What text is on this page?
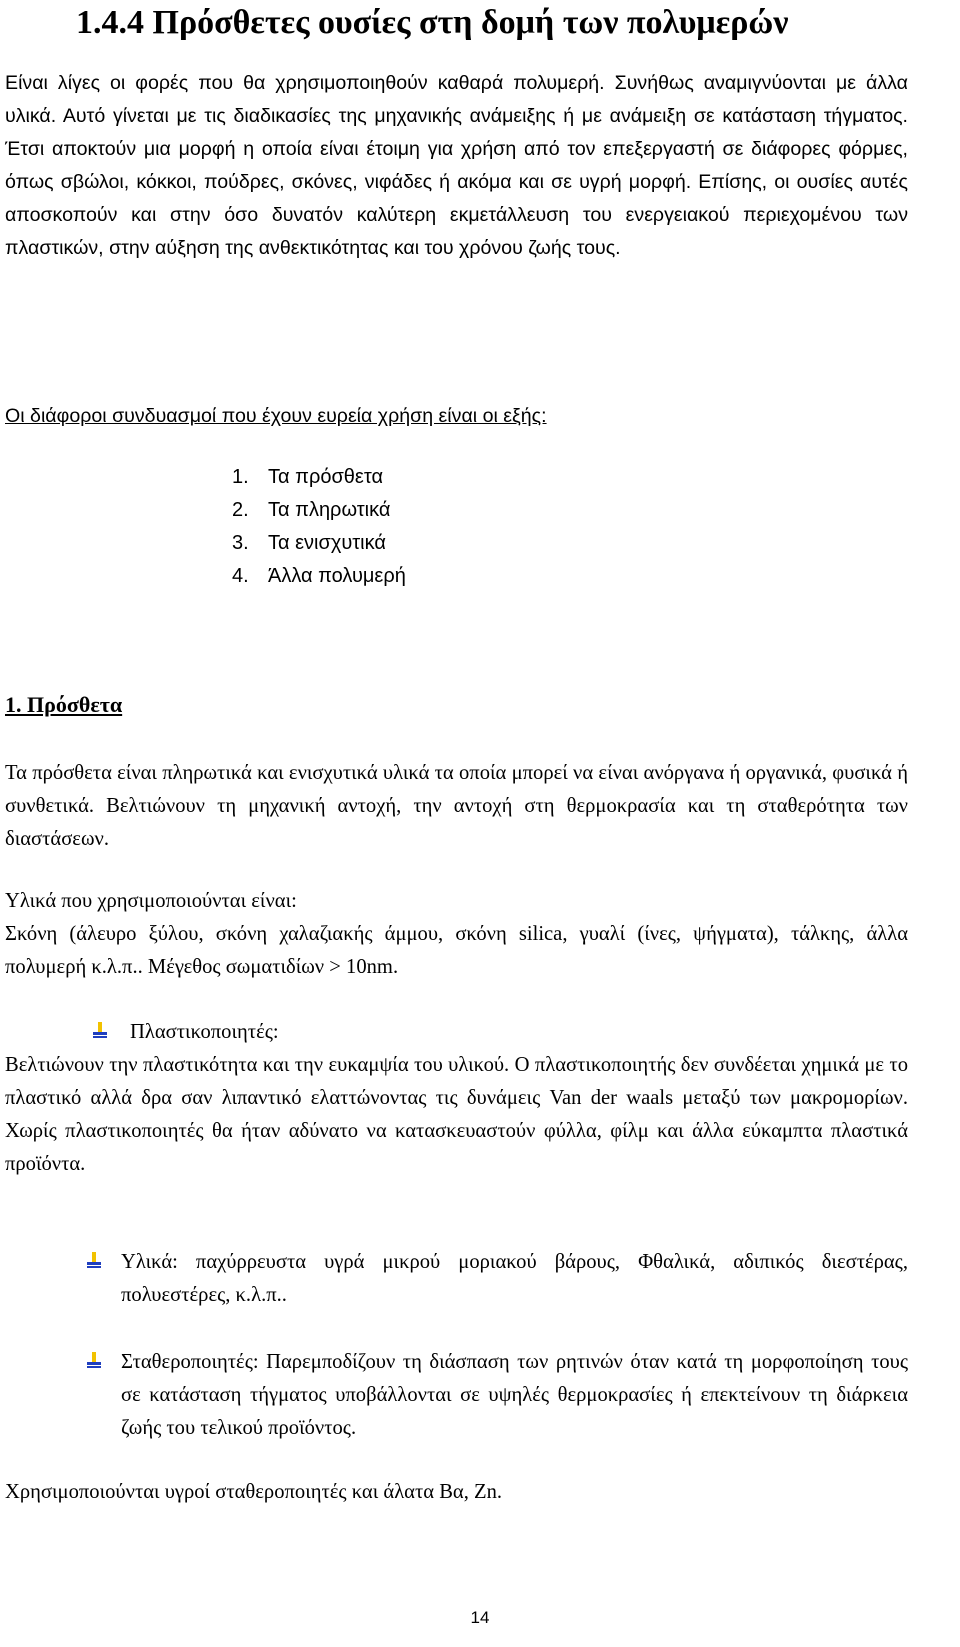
1.4.4 Πρόσθετες ουσίες στη δομή των πολυμερών

Είναι λίγες οι φορές που θα χρησιμοποιηθούν καθαρά πολυμερή. Συνήθως αναμιγνύονται με άλλα υλικά. Αυτό γίνεται με τις διαδικασίες της μηχανικής ανάμειξης ή με ανάμειξη σε κατάσταση τήγματος. Έτσι αποκτούν μια μορφή η οποία είναι έτοιμη για χρήση από τον επεξεργαστή σε διάφορες φόρμες, όπως σβώλοι, κόκκοι, πούδρες, σκόνες, νιφάδες ή ακόμα και σε υγρή μορφή. Επίσης, οι ουσίες αυτές αποσκοπούν και στην όσο δυνατόν καλύτερη εκμετάλλευση του ενεργειακού περιεχομένου των πλαστικών, στην αύξηση της ανθεκτικότητας και του χρόνου ζωής τους.

Οι διάφοροι συνδυασμοί που έχουν ευρεία χρήση είναι οι εξής:

1. Τα πρόσθετα
2. Τα πληρωτικά
3. Τα ενισχυτικά
4. Άλλα πολυμερή
1. Πρόσθετα

Τα πρόσθετα είναι πληρωτικά και ενισχυτικά υλικά τα οποία μπορεί να είναι ανόργανα ή οργανικά, φυσικά ή συνθετικά. Βελτιώνουν τη μηχανική αντοχή, την αντοχή στη θερμοκρασία και τη σταθερότητα των διαστάσεων.

Υλικά που χρησιμοποιούνται είναι:

Σκόνη (άλευρο ξύλου, σκόνη χαλαζιακής άμμου, σκόνη silica, γυαλί (ίνες, ψήγματα), τάλκης, άλλα πολυμερή κ.λ.π.. Μέγεθος σωματιδίων > 10nm.

Πλαστικοποιητές:

Βελτιώνουν την πλαστικότητα και την ευκαμψία του υλικού. Ο πλαστικοποιητής δεν συνδέεται χημικά με το πλαστικό αλλά δρα σαν λιπαντικό ελαττώνοντας τις δυνάμεις Van der waals μεταξύ των μακρομορίων. Χωρίς πλαστικοποιητές θα ήταν αδύνατο να κατασκευαστούν φύλλα, φίλμ και άλλα εύκαμπτα πλαστικά προϊόντα.

Υλικά: παχύρρευστα υγρά μικρού μοριακού βάρους, Φθαλικά, αδιπικός διεστέρας, πολυεστέρες, κ.λ.π..

Σταθεροποιητές: Παρεμποδίζουν τη διάσπαση των ρητινών όταν κατά τη μορφοποίηση τους σε κατάσταση τήγματος υποβάλλονται σε υψηλές θερμοκρασίες ή επεκτείνουν τη διάρκεια ζωής του τελικού προϊόντος.

Χρησιμοποιούνται υγροί σταθεροποιητές και άλατα Βα, Zn.

14
